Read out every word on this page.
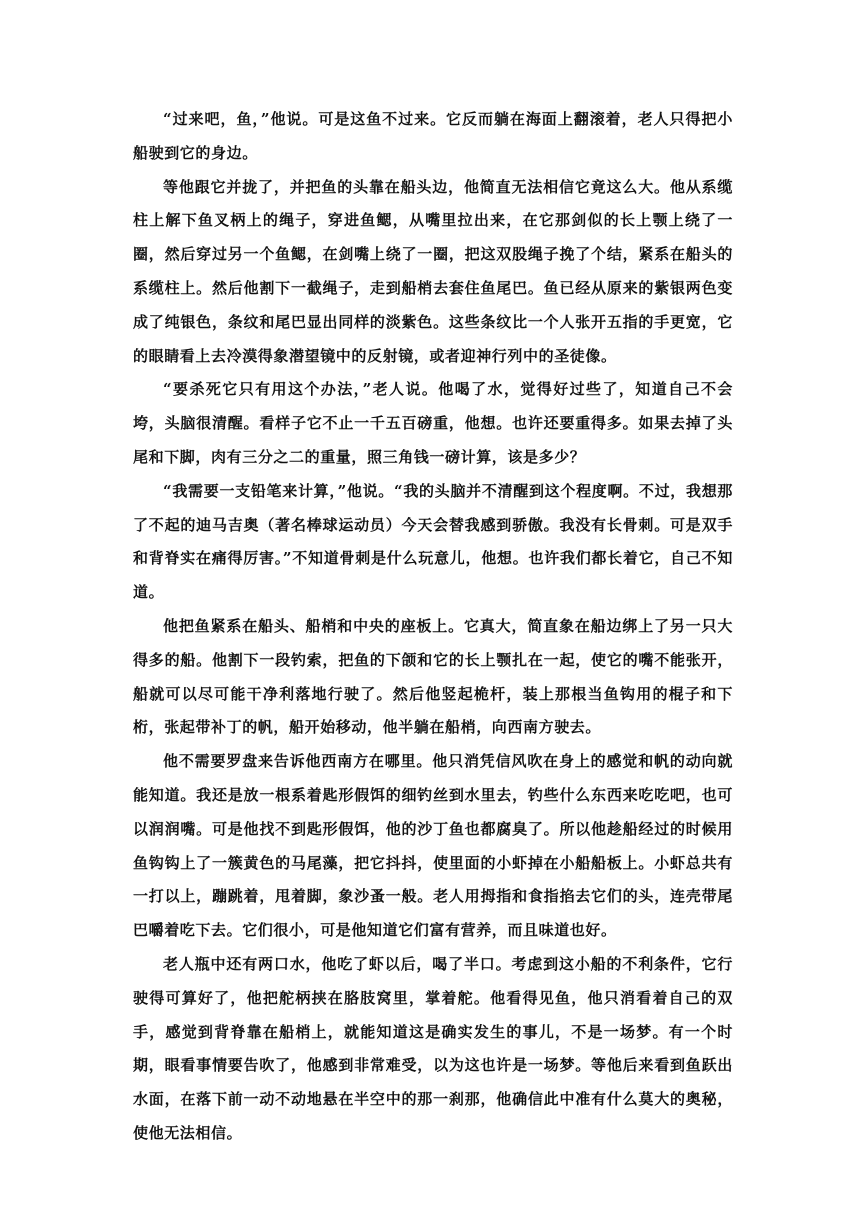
“过来吧，鱼，”他说。可是这鱼不过来。它反而躺在海面上翻滚着，老人只得把小船驶到它的身边。

等他跟它并拢了，并把鱼的头靠在船头边，他简直无法相信它竟这么大。他从系缆柱上解下鱼叉柄上的绳子，穿进鱼鳃，从嘴里拉出来，在它那剑似的长上颚上绕了一圈，然后穿过另一个鱼鳃，在剑嘴上绕了一圈，把这双股绳子挽了个结，紧系在船头的系缆柱上。然后他割下一截绳子，走到船梢去套住鱼尾巴。鱼已经从原来的紫银两色变成了纯银色，条纹和尾巴显出同样的淡紫色。这些条纹比一个人张开五指的手更宽，它的眼睛看上去冷漠得象潜望镜中的反射镜，或者迎神行列中的圣徒像。

“要杀死它只有用这个办法，”老人说。他喝了水，觉得好过些了，知道自己不会垮，头脑很清醒。看样子它不止一千五百磅重，他想。也许还要重得多。如果去掉了头尾和下脚，肉有三分之二的重量，照三角钱一磅计算，该是多少？

“我需要一支铅笔来计算，”他说。“我的头脑并不清醒到这个程度啊。不过，我想那了不起的迪马吉奥（著名棒球运动员）今天会替我感到骄傲。我没有长骨刺。可是双手和背脊实在痛得厉害。”不知道骨刺是什么玩意儿，他想。也许我们都长着它，自己不知道。

他把鱼紧系在船头、船梢和中央的座板上。它真大，简直象在船边绑上了另一只大得多的船。他割下一段钓索，把鱼的下颌和它的长上颚扎在一起，使它的嘴不能张开，船就可以尽可能干净利落地行驶了。然后他竖起桅杆，装上那根当鱼钩用的棍子和下桁，张起带补丁的帆，船开始移动，他半躺在船梢，向西南方驶去。

他不需要罗盘来告诉他西南方在哪里。他只消凭信风吹在身上的感觉和帆的动向就能知道。我还是放一根系着匙形假饵的细钓丝到水里去，钓些什么东西来吃吃吧，也可以润润嘴。可是他找不到匙形假饵，他的沙丁鱼也都腐臭了。所以他趁船经过的时候用鱼钩钩上了一簇黄色的马尾藻，把它抖抖，使里面的小虾掉在小船船板上。小虾总共有一打以上，蹦跳着，甩着脚，象沙蚤一般。老人用拇指和食指掐去它们的头，连壳带尾巴嚼着吃下去。它们很小，可是他知道它们富有营养，而且味道也好。

老人瓶中还有两口水，他吃了虾以后，喝了半口。考虑到这小船的不利条件，它行驶得可算好了，他把舵柄挟在胳肢窝里，掌着舵。他看得见鱼，他只消看着自己的双手，感觉到背脊靠在船梢上，就能知道这是确实发生的事儿，不是一场梦。有一个时期，眼看事情要告吹了，他感到非常难受，以为这也许是一场梦。等他后来看到鱼跃出水面，在落下前一动不动地悬在半空中的那一刹那，他确信此中准有什么莫大的奥秘，使他无法相信。
